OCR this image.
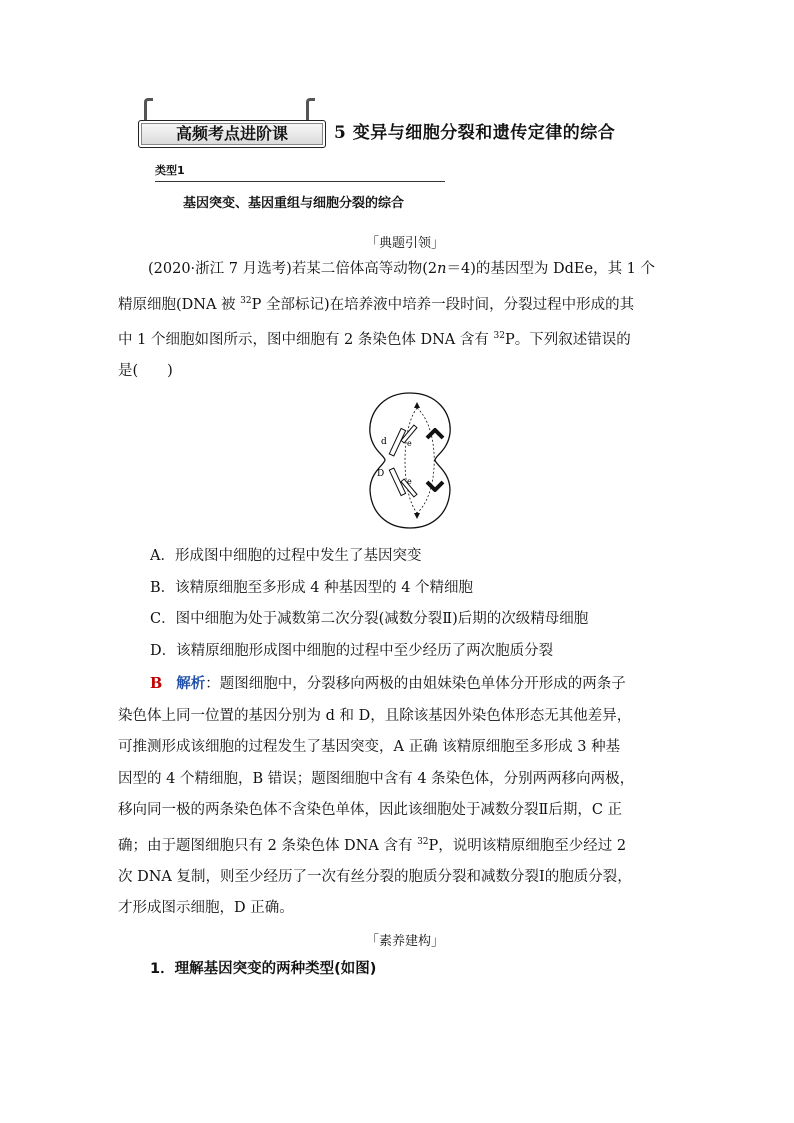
高频考点进阶课	5 变异与细胞分裂和遗传定律的综合
类型1
基因突变、基因重组与细胞分裂的综合
「典题引领」

(2020·浙江 7 月选考)若某二倍体高等动物(2n＝4)的基因型为 DdEe，其 1 个

精原细胞(DNA 被 $^{32}$P 全部标记)在培养液中培养一段时间，分裂过程中形成的其

中 1 个细胞如图所示，图中细胞有 2 条染色体 DNA 含有 $^{32}$P。下列叙述错误的

是(　　)

d	e
D
e
A．形成图中细胞的过程中发生了基因突变
B．该精原细胞至多形成 4 种基因型的 4 个精细胞
C．图中细胞为处于减数第二次分裂(减数分裂Ⅱ)后期的次级精母细胞
D．该精原细胞形成图中细胞的过程中至少经历了两次胞质分裂

B 解析：题图细胞中，分裂移向两极的由姐妹染色单体分开形成的两条子

染色体上同一位置的基因分别为 d 和 D，且除该基因外染色体形态无其他差异，

可推测形成该细胞的过程发生了基因突变，A 正确 该精原细胞至多形成 3 种基

因型的 4 个精细胞，B 错误；题图细胞中含有 4 条染色体，分别两两移向两极，

移向同一极的两条染色体不含染色单体，因此该细胞处于减数分裂Ⅱ后期，C 正

确；由于题图细胞只有 2 条染色体 DNA 含有 $^{32}$P，说明该精原细胞至少经过 2

次 DNA 复制，则至少经历了一次有丝分裂的胞质分裂和减数分裂Ⅰ的胞质分裂，

才形成图示细胞，D 正确。

「素养建构」
1．理解基因突变的两种类型(如图)
